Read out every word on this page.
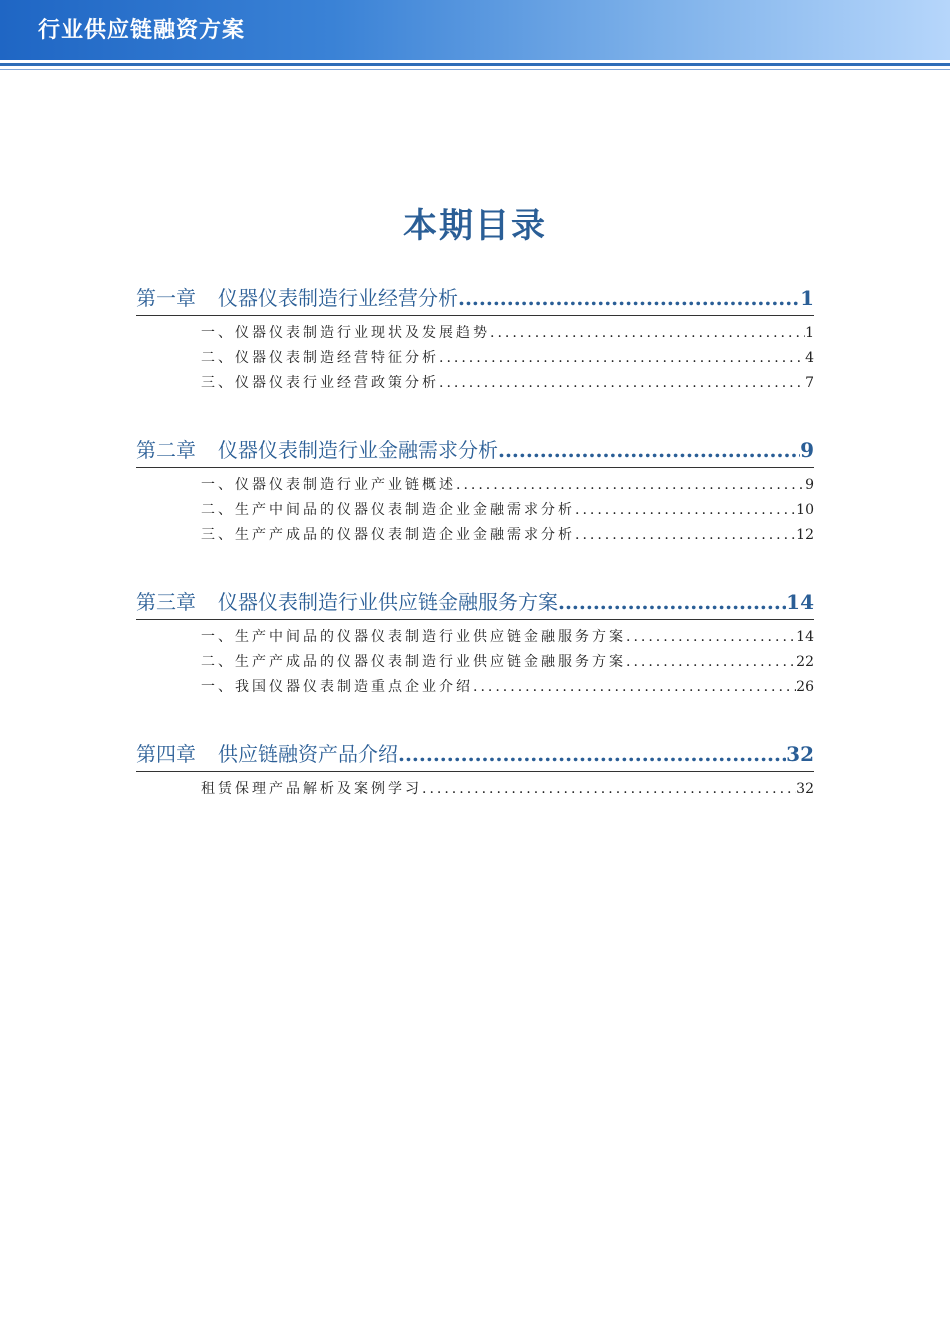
行业供应链融资方案
本期目录
第一章 仪器仪表制造行业经营分析 .....	1
一、仪器仪表制造行业现状及发展趋势 .....	1
二、仪器仪表制造经营特征分析 .....	4
三、仪器仪表行业经营政策分析 .....	7
第二章 仪器仪表制造行业金融需求分析 .....	9
一、仪器仪表制造行业产业链概述 .....	9
二、生产中间品的仪器仪表制造企业金融需求分析 .....	10
三、生产产成品的仪器仪表制造企业金融需求分析 .....	12
第三章 仪器仪表制造行业供应链金融服务方案 .....	14
一、生产中间品的仪器仪表制造行业供应链金融服务方案 .....	14
二、生产产成品的仪器仪表制造行业供应链金融服务方案 .....	22
一、我国仪器仪表制造重点企业介绍 .....	26
第四章 供应链融资产品介绍 .....	32
租赁保理产品解析及案例学习 .....	32
